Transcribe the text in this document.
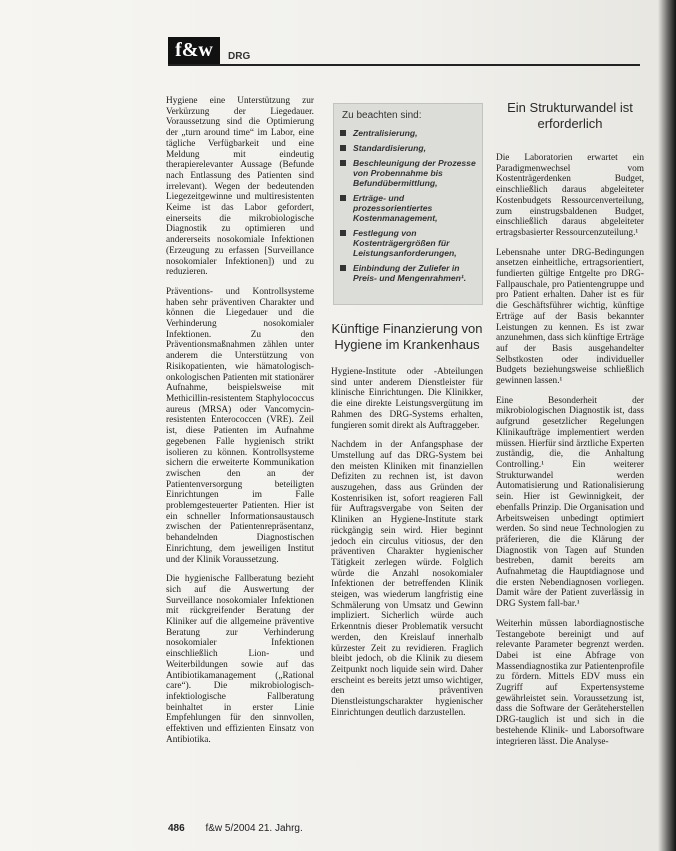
f&w	DRG

Hygiene eine Unterstützung zur Verkürzung der Liegedauer. Voraussetzung sind die Optimierung der „turn around time“ im Labor, eine tägliche Verfügbarkeit und eine Meldung mit eindeutig therapierelevanter Aussage (Befunde nach Entlassung des Patienten sind irrelevant). Wegen der bedeutenden Liegezeitgewinne und multiresistenten Keime ist das Labor gefordert, einerseits die mikrobiologische Diagnostik zu optimieren und andererseits nosokomiale Infektionen (Erzeugung zu erfassen [Surveillance nosokomialer Infektionen]) und zu reduzieren.

Präventions- und Kontrollsysteme haben sehr präventiven Charakter und können die Liegedauer und die Verhinderung nosokomialer Infektionen. Zu den Präventionsmaßnahmen zählen unter anderem die Unterstützung von Risikopatienten, wie hämatologisch-onkologischen Patienten mit stationärer Aufnahme, beispielsweise mit Methicillin-resistentem Staphylococcus aureus (MRSA) oder Vancomycin-resistenten Enterococcen (VRE). Zeil ist, diese Patienten im Aufnahme gegebenen Falle hygienisch strikt isolieren zu können. Kontrollsysteme sichern die erweiterte Kommunikation zwischen den an der Patientenversorgung beteiligten Einrichtungen im Falle problemgesteuerter Patienten. Hier ist ein schneller Informationsaustausch zwischen der Patientenrepräsentanz, behandelnden Diagnostischen Einrichtung, dem jeweiligen Institut und der Klinik Voraussetzung.

Die hygienische Fallberatung bezieht sich auf die Auswertung der Surveillance nosokomialer Infektionen mit rückgreifender Beratung der Kliniker auf die allgemeine präventive Beratung zur Verhinderung nosokomialer Infektionen einschließlich Lion- und Weiterbildungen sowie auf das Antibiotikamanagement („Rational care“). Die mikrobiologisch-infektiologische Fallberatung beinhaltet in erster Linie Empfehlungen für den sinnvollen, effektiven und effizienten Einsatz von Antibiotika.

Zu beachten sind:
Zentralisierung,
Standardisierung,
Beschleunigung der Prozesse von Probennahme bis Befundübermittlung,
Erträge- und prozessorientiertes Kostenmanagement,
Festlegung von Kostenträgergrößen für Leistungsanforderungen,
Einbindung der Zuliefer in Preis- und Mengenrahmen¹.
Künftige Finanzierung von Hygiene im Krankenhaus

Hygiene-Institute oder -Abteilungen sind unter anderem Dienstleister für klinische Einrichtungen. Die Klinikker, die eine direkte Leistungsvergütung im Rahmen des DRG-Systems erhalten, fungieren somit direkt als Auftraggeber.

Nachdem in der Anfangsphase der Umstellung auf das DRG-System bei den meisten Kliniken mit finanziellen Defiziten zu rechnen ist, ist davon auszugehen, dass aus Gründen der Kostenrisiken ist, sofort reagieren Fall für Auftragsvergabe von Seiten der Kliniken an Hygiene-Institute stark rückgängig sein wird. Hier beginnt jedoch ein circulus vitiosus, der den präventiven Charakter hygienischer Tätigkeit zerlegen würde. Folglich würde die Anzahl nosokomialer Infektionen der betreffenden Klinik steigen, was wiederum langfristig eine Schmälerung von Umsatz und Gewinn impliziert. Sicherlich würde auch Erkenntnis dieser Problematik versucht werden, den Kreislauf innerhalb kürzester Zeit zu revidieren. Fraglich bleibt jedoch, ob die Klinik zu diesem Zeitpunkt noch liquide sein wird. Daher erscheint es bereits jetzt umso wichtiger, den präventiven Dienstleistungscharakter hygienischer Einrichtungen deutlich darzustellen.

Ein Strukturwandel ist erforderlich

Die Laboratorien erwartet ein Paradigmenwechsel vom Kostenträgerdenken Budget, einschließlich daraus abgeleiteter Kostenbudgets Ressourcenverteilung, zum einstrugsbaldenen Budget, einschließlich daraus abgeleiteter ertragsbasierter Ressourcenzuteilung.¹

Lebensnahe unter DRG-Bedingungen ansetzen einheitliche, ertragsorientiert, fundierten gültige Entgelte pro DRG-Fallpauschale, pro Patientengruppe und pro Patient erhalten. Daher ist es für die Geschäftsführer wichtig, künftige Erträge auf der Basis bekannter Leistungen zu kennen. Es ist zwar anzunehmen, dass sich künftige Erträge auf der Basis ausgehandelter Selbstkosten oder individueller Budgets beziehungsweise schließlich gewinnen lassen.¹

Eine Besonderheit der mikrobiologischen Diagnostik ist, dass aufgrund gesetzlicher Regelungen Klinikaufträge implementiert werden müssen. Hierfür sind ärztliche Experten zuständig, die, die Anhaltung Controlling.¹ Ein weiterer Strukturwandel werden Automatisierung und Rationalisierung sein. Hier ist Gewinnigkeit, der ebenfalls Prinzip. Die Organisation und Arbeitsweisen unbedingt optimiert werden. So sind neue Technologien zu präferieren, die die Klärung der Diagnostik von Tagen auf Stunden bestreben, damit bereits am Aufnahmetag die Hauptdiagnose und die ersten Nebendiagnosen vorliegen. Damit wäre der Patient zuverlässig in DRG System fall-bar.¹

Weiterhin müssen labordiagnostische Testangebote bereinigt und auf relevante Parameter begrenzt werden. Dabei ist eine Abfrage von Massendiagnostika zur Patientenprofile zu fördern. Mittels EDV muss ein Zugriff auf Expertensysteme gewährleistet sein. Voraussetzung ist, dass die Software der Geräteherstellen DRG-tauglich ist und sich in die bestehende Klinik- und Laborsoftware integrieren lässt. Die Analyse-

486 f&w 5/2004 21. Jahrg.
